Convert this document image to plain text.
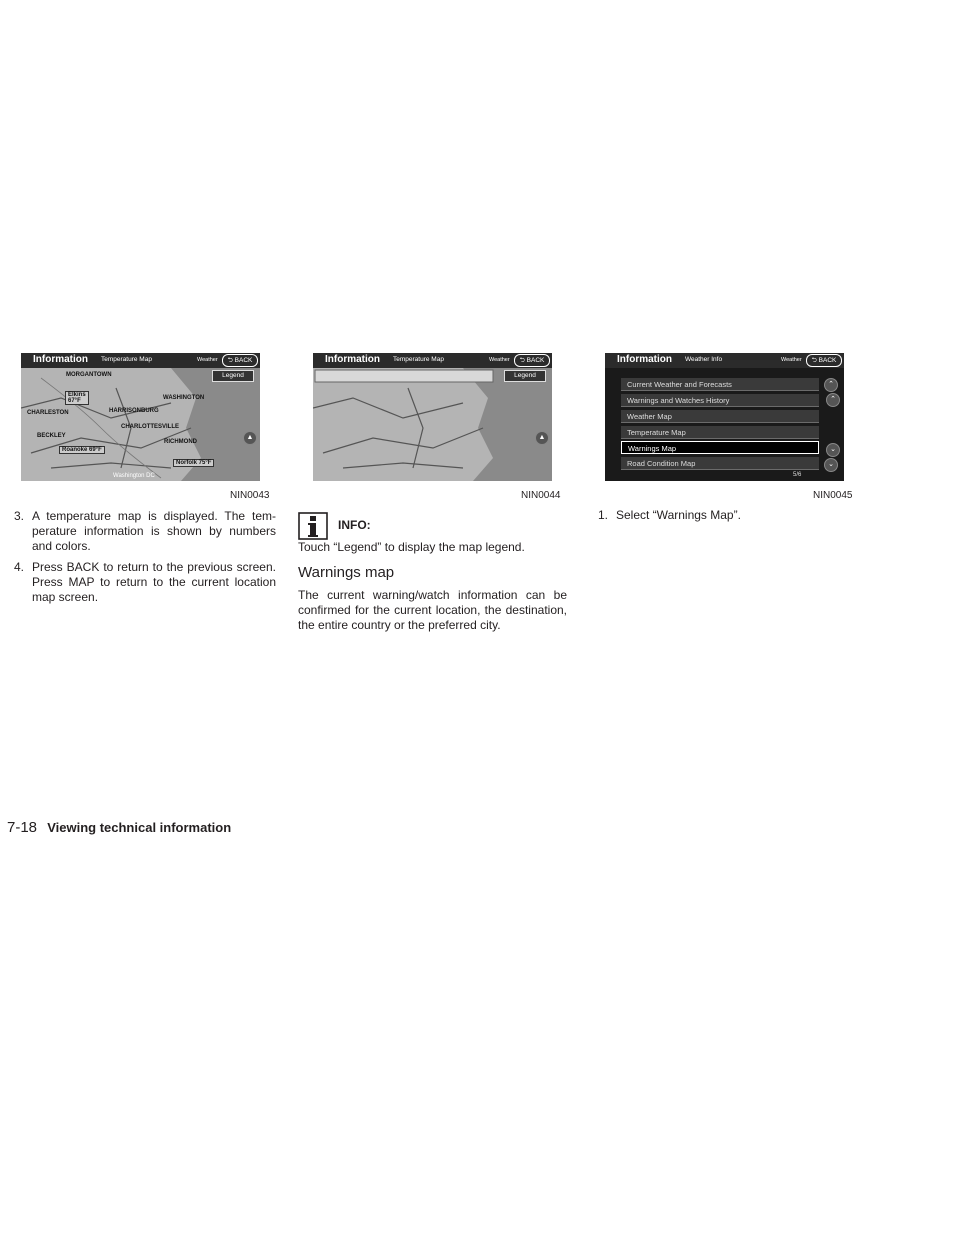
Information Temperature Map	Weather	⮌ BACK
MORGANTOWN
Elkins
67°F
CHARLESTON	HARRISONBURG
WASHINGTON
CHARLOTTESVILLE
RICHMOND
BECKLEY
Roanoke 69°F
Norfolk 75°F
Washington DC
Legend
▲
NIN0043
Information Temperature Map	Weather	⮌ BACK
Legend
▲
NIN0044
Information Weather Info	Weather	⮌ BACK
Current Weather and Forecasts
Warnings and Watches History
Weather Map
Temperature Map
Warnings Map
Road Condition Map
⌃
⌃
⌄
⌄
5/6
NIN0045
3. A temperature map is displayed. The tem-perature information is shown by numbers and colors.
4. Press BACK to return to the previous screen. Press MAP to return to the current location map screen.
INFO:
Touch “Legend” to display the map legend.
Warnings map
The current warning/watch information can be confirmed for the current location, the destination, the entire country or the preferred city.
1. Select “Warnings Map”.
7-18 Viewing technical information
